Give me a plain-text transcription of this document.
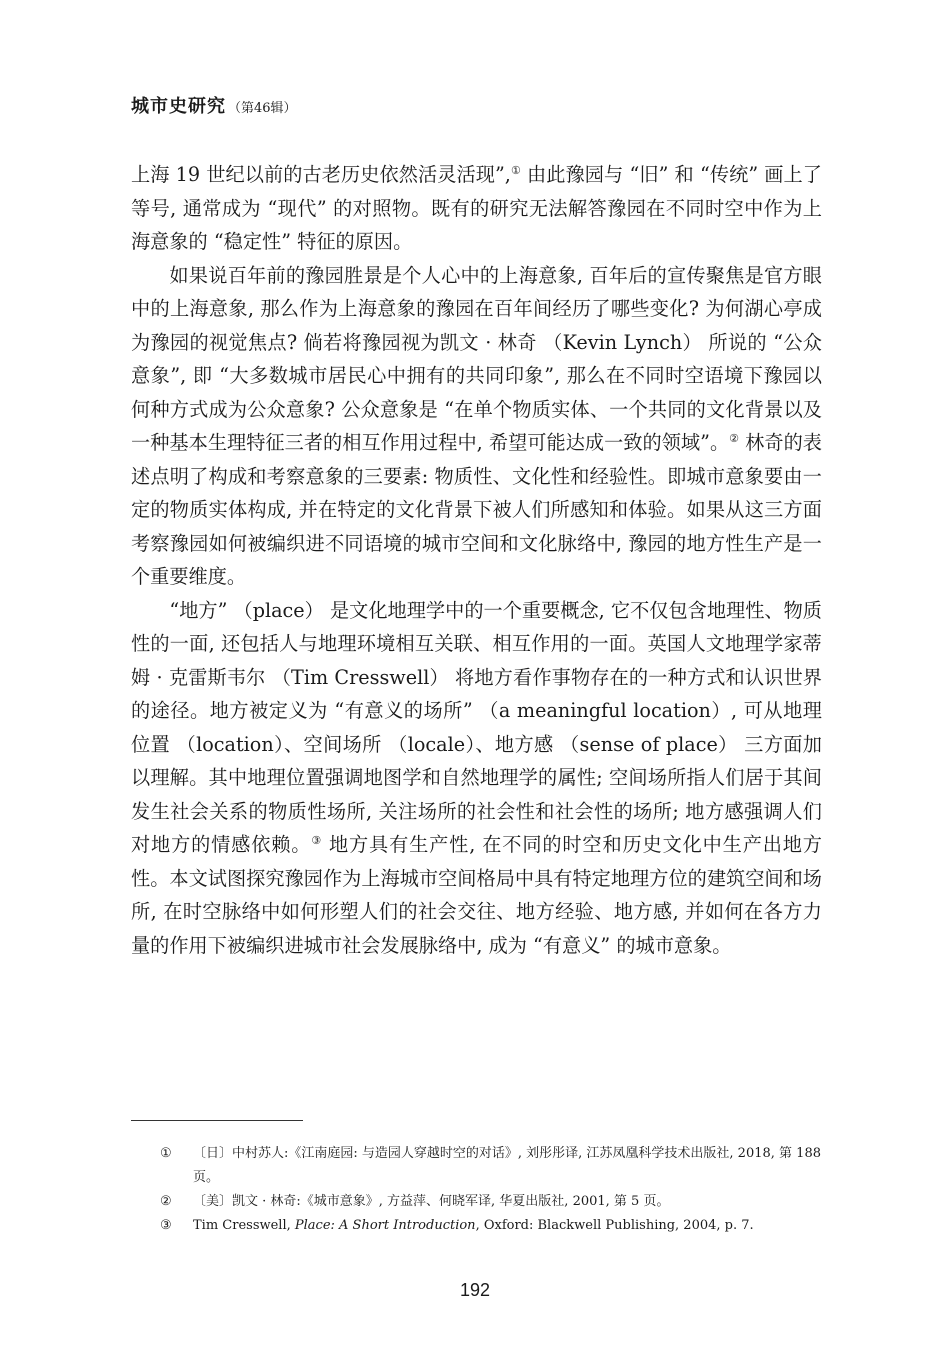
城市史研究 （第46辑）

上海 19 世纪以前的古老历史依然活灵活现”,① 由此豫园与 “旧” 和 “传统” 画上了等号, 通常成为 “现代” 的对照物。既有的研究无法解答豫园在不同时空中作为上海意象的 “稳定性” 特征的原因。

如果说百年前的豫园胜景是个人心中的上海意象, 百年后的宣传聚焦是官方眼中的上海意象, 那么作为上海意象的豫园在百年间经历了哪些变化? 为何湖心亭成为豫园的视觉焦点? 倘若将豫园视为凯文 · 林奇 （Kevin Lynch） 所说的 “公众意象”, 即 “大多数城市居民心中拥有的共同印象”, 那么在不同时空语境下豫园以何种方式成为公众意象? 公众意象是 “在单个物质实体、一个共同的文化背景以及一种基本生理特征三者的相互作用过程中, 希望可能达成一致的领域”。② 林奇的表述点明了构成和考察意象的三要素: 物质性、文化性和经验性。即城市意象要由一定的物质实体构成, 并在特定的文化背景下被人们所感知和体验。如果从这三方面考察豫园如何被编织进不同语境的城市空间和文化脉络中, 豫园的地方性生产是一个重要维度。

“地方” （place） 是文化地理学中的一个重要概念, 它不仅包含地理性、物质性的一面, 还包括人与地理环境相互关联、相互作用的一面。英国人文地理学家蒂姆 · 克雷斯韦尔 （Tim Cresswell） 将地方看作事物存在的一种方式和认识世界的途径。地方被定义为 “有意义的场所” （a meaningful location）, 可从地理位置 （location）、空间场所 （locale）、地方感 （sense of place） 三方面加以理解。其中地理位置强调地图学和自然地理学的属性; 空间场所指人们居于其间发生社会关系的物质性场所, 关注场所的社会性和社会性的场所; 地方感强调人们对地方的情感依赖。③ 地方具有生产性, 在不同的时空和历史文化中生产出地方性。本文试图探究豫园作为上海城市空间格局中具有特定地理方位的建筑空间和场所, 在时空脉络中如何形塑人们的社会交往、地方经验、地方感, 并如何在各方力量的作用下被编织进城市社会发展脉络中, 成为 “有意义” 的城市意象。

① 〔日〕中村苏人:《江南庭园: 与造园人穿越时空的对话》, 刘彤彤译, 江苏凤凰科学技术出版社, 2018, 第 188 页。
② 〔美〕凯文 · 林奇:《城市意象》, 方益萍、何晓军译, 华夏出版社, 2001, 第 5 页。
③ Tim Cresswell, Place: A Short Introduction, Oxford: Blackwell Publishing, 2004, p. 7.
192
